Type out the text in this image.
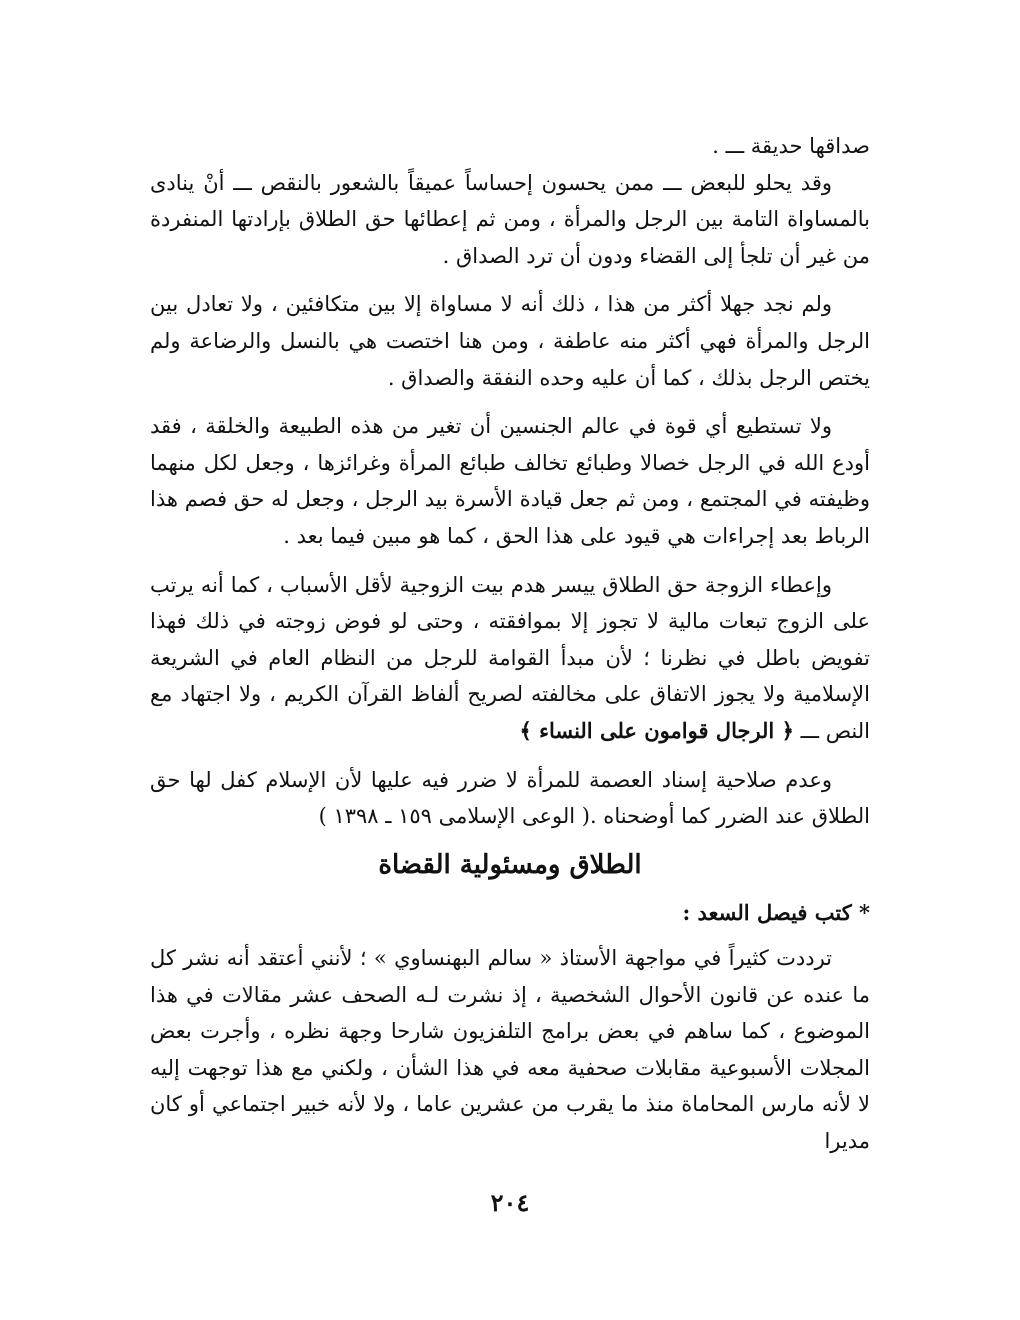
صداقها حديقة ـــ .

وقد يحلو للبعض ـــ ممن يحسون إحساساً عميقاً بالشعور بالنقص ـــ أنْ ينادى بالمساواة التامة بين الرجل والمرأة ، ومن ثم إعطائها حق الطلاق بإرادتها المنفردة من غير أن تلجأ إلى القضاء ودون أن ترد الصداق .

ولم نجد جهلا أكثر من هذا ، ذلك أنه لا مساواة إلا بين متكافئين ، ولا تعادل بين الرجل والمرأة فهي أكثر منه عاطفة ، ومن هنا اختصت هي بالنسل والرضاعة ولم يختص الرجل بذلك ، كما أن عليه وحده النفقة والصداق .

ولا تستطيع أي قوة في عالم الجنسين أن تغير من هذه الطبيعة والخلقة ، فقد أودع الله في الرجل خصالا وطبائع تخالف طبائع المرأة وغرائزها ، وجعل لكل منهما وظيفته في المجتمع ، ومن ثم جعل قيادة الأسرة بيد الرجل ، وجعل له حق فصم هذا الرباط بعد إجراءات هي قيود على هذا الحق ، كما هو مبين فيما بعد .

وإعطاء الزوجة حق الطلاق ييسر هدم بيت الزوجية لأقل الأسباب ، كما أنه يرتب على الزوج تبعات مالية لا تجوز إلا بموافقته ، وحتى لو فوض زوجته في ذلك فهذا تفويض باطل في نظرنا ؛ لأن مبدأ القوامة للرجل من النظام العام في الشريعة الإسلامية ولا يجوز الاتفاق على مخالفته لصريح ألفاظ القرآن الكريم ، ولا اجتهاد مع النص ـــ ﴿ الرجال قوامون على النساء ﴾

وعدم صلاحية إسناد العصمة للمرأة لا ضرر فيه عليها لأن الإسلام كفل لها حق الطلاق عند الضرر كما أوضحناه .( الوعى الإسلامى ١٥٩ ـ ١٣٩٨ )

الطلاق ومسئولية القضاة
* كتب فيصل السعد :

ترددت كثيراً في مواجهة الأستاذ « سالم البهنساوي » ؛ لأنني أعتقد أنه نشر كل ما عنده عن قانون الأحوال الشخصية ، إذ نشرت لـه الصحف عشر مقالات في هذا الموضوع ، كما ساهم في بعض برامج التلفزيون شارحا وجهة نظره ، وأجرت بعض المجلات الأسبوعية مقابلات صحفية معه في هذا الشأن ، ولكني مع هذا توجهت إليه لا لأنه مارس المحاماة منذ ما يقرب من عشرين عاما ، ولا لأنه خبير اجتماعي أو كان مديرا

٢٠٤
